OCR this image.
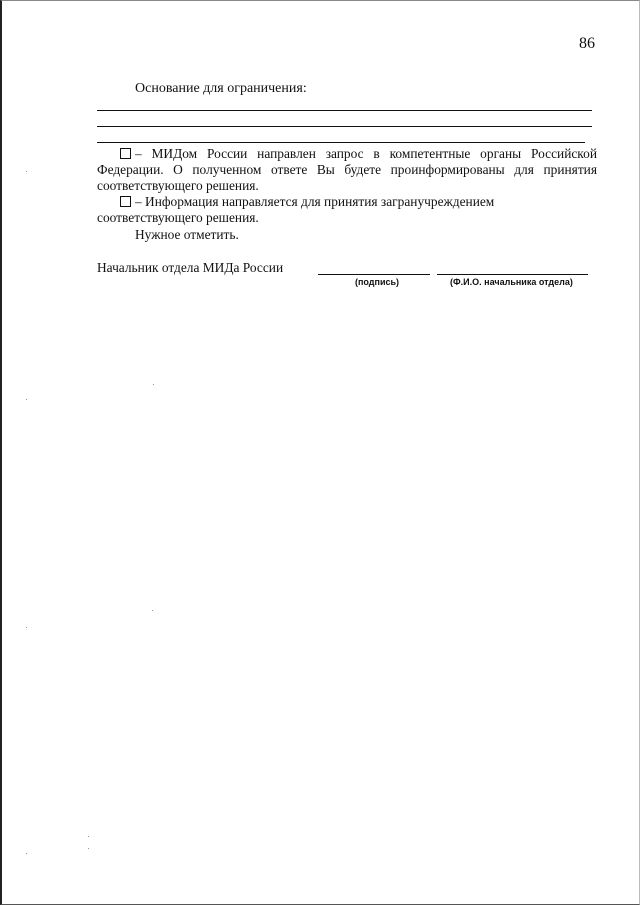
86
Основание для ограничения:
– МИДом России направлен запрос в компетентные органы Российской
Федерации. О полученном ответе Вы будете проинформированы для принятия
соответствующего решения.
– Информация направляется для принятия загранучреждением
соответствующего решения.
Нужное отметить.
Начальник отдела МИДа России
(подпись)	(Ф.И.О. начальника отдела)
